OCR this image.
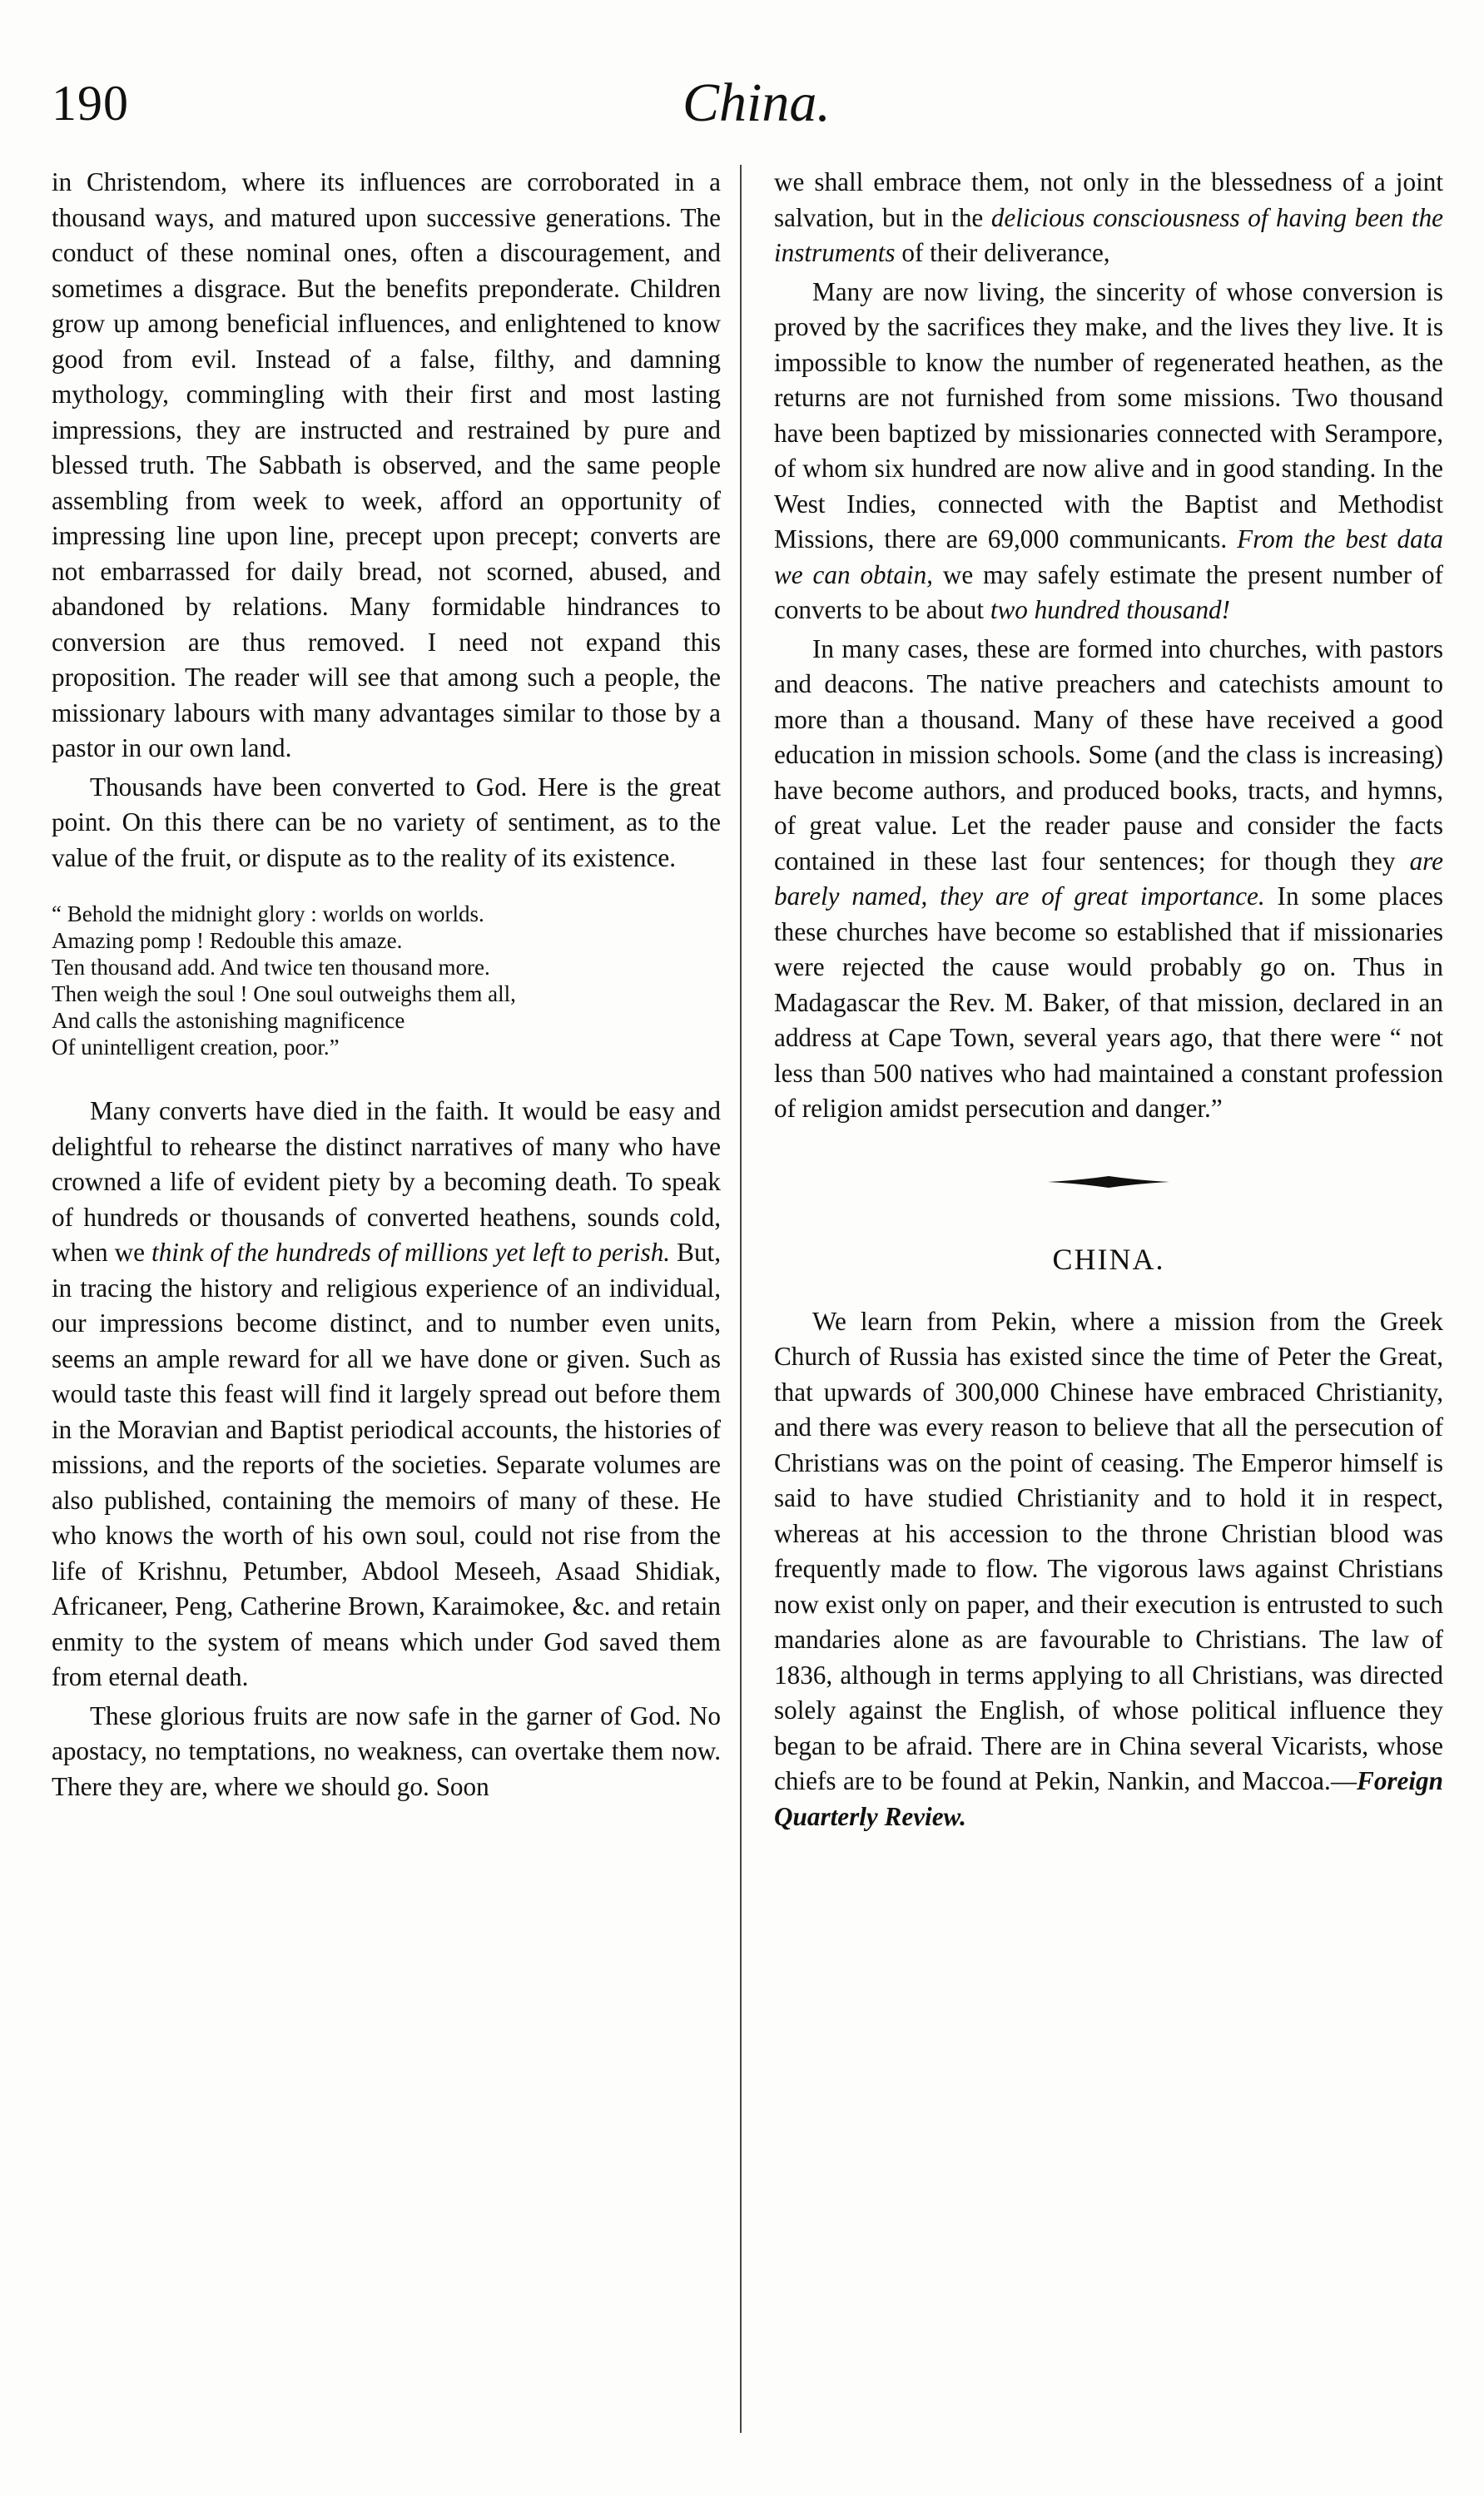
190	China.

in Christendom, where its influences are corroborated in a thousand ways, and matured upon successive generations. The conduct of these nominal ones, often a discouragement, and sometimes a disgrace. But the benefits preponderate. Children grow up among beneficial influences, and enlightened to know good from evil. Instead of a false, filthy, and damning mythology, commingling with their first and most lasting impressions, they are instructed and restrained by pure and blessed truth. The Sabbath is observed, and the same people assembling from week to week, afford an opportunity of impressing line upon line, precept upon precept; converts are not embarrassed for daily bread, not scorned, abused, and abandoned by relations. Many formidable hindrances to conversion are thus removed. I need not expand this proposition. The reader will see that among such a people, the missionary labours with many advantages similar to those by a pastor in our own land.

Thousands have been converted to God. Here is the great point. On this there can be no variety of sentiment, as to the value of the fruit, or dispute as to the reality of its existence.

“ Behold the midnight glory : worlds on worlds.
Amazing pomp ! Redouble this amaze.
Ten thousand add. And twice ten thousand more.
Then weigh the soul ! One soul outweighs them all,
And calls the astonishing magnificence
Of unintelligent creation, poor.”

Many converts have died in the faith. It would be easy and delightful to rehearse the distinct narratives of many who have crowned a life of evident piety by a becoming death. To speak of hundreds or thousands of converted heathens, sounds cold, when we think of the hundreds of millions yet left to perish. But, in tracing the history and religious experience of an individual, our impressions become distinct, and to number even units, seems an ample reward for all we have done or given. Such as would taste this feast will find it largely spread out before them in the Moravian and Baptist periodical accounts, the histories of missions, and the reports of the societies. Separate volumes are also published, containing the memoirs of many of these. He who knows the worth of his own soul, could not rise from the life of Krishnu, Petumber, Abdool Meseeh, Asaad Shidiak, Africaneer, Peng, Catherine Brown, Karaimokee, &c. and retain enmity to the system of means which under God saved them from eternal death.

These glorious fruits are now safe in the garner of God. No apostacy, no temptations, no weakness, can overtake them now. There they are, where we should go. Soon

we shall embrace them, not only in the blessedness of a joint salvation, but in the delicious consciousness of having been the instruments of their deliverance,

Many are now living, the sincerity of whose conversion is proved by the sacrifices they make, and the lives they live. It is impossible to know the number of regenerated heathen, as the returns are not furnished from some missions. Two thousand have been baptized by missionaries connected with Serampore, of whom six hundred are now alive and in good standing. In the West Indies, connected with the Baptist and Methodist Missions, there are 69,000 communicants. From the best data we can obtain, we may safely estimate the present number of converts to be about two hundred thousand!

In many cases, these are formed into churches, with pastors and deacons. The native preachers and catechists amount to more than a thousand. Many of these have received a good education in mission schools. Some (and the class is increasing) have become authors, and produced books, tracts, and hymns, of great value. Let the reader pause and consider the facts contained in these last four sentences; for though they are barely named, they are of great importance. In some places these churches have become so established that if missionaries were rejected the cause would probably go on. Thus in Madagascar the Rev. M. Baker, of that mission, declared in an address at Cape Town, several years ago, that there were “ not less than 500 natives who had maintained a constant profession of religion amidst persecution and danger.”

CHINA.

We learn from Pekin, where a mission from the Greek Church of Russia has existed since the time of Peter the Great, that upwards of 300,000 Chinese have embraced Christianity, and there was every reason to believe that all the persecution of Christians was on the point of ceasing. The Emperor himself is said to have studied Christianity and to hold it in respect, whereas at his accession to the throne Christian blood was frequently made to flow. The vigorous laws against Christians now exist only on paper, and their execution is entrusted to such mandaries alone as are favourable to Christians. The law of 1836, although in terms applying to all Christians, was directed solely against the English, of whose political influence they began to be afraid. There are in China several Vicarists, whose chiefs are to be found at Pekin, Nankin, and Maccoa.—Foreign Quarterly Review.
